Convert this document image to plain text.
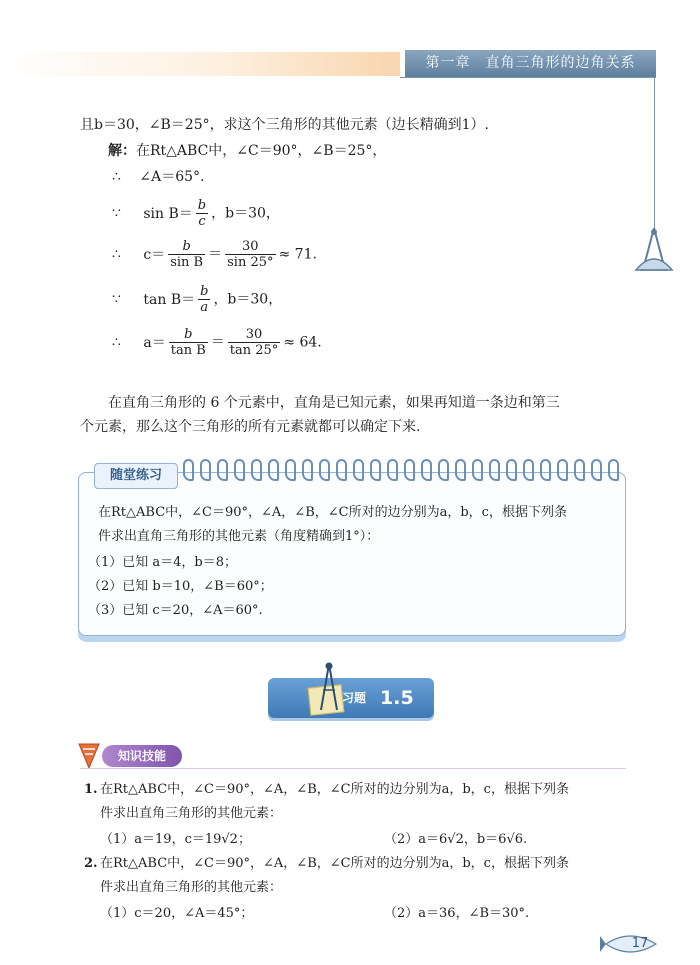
第一章　直角三角形的边角关系
且b＝30，∠B＝25°，求这个三角形的其他元素（边长精确到1）.
解：在Rt△ABC中，∠C＝90°，∠B＝25°，
∴ ∠A＝65°.
∵ $\sin B= \frac{b}{c}$ ，b＝30，
∴ $c= \frac{b}{\text{sin B}} = \frac{30}{\sin 25^\circ} \approx 71$.
∵ $\tan B= \frac{b}{a}$ ，b＝30，
∴ $a= \frac{b}{\text{tan B}} = \frac{30}{\tan 25^\circ} \approx 64$.
在直角三角形的 6 个元素中，直角是已知元素，如果再知道一条边和第三
个元素，那么这个三角形的所有元素就都可以确定下来.
随堂练习
在Rt△ABC中，∠C＝90°，∠A，∠B，∠C所对的边分别为a，b，c，根据下列条
件求出直角三角形的其他元素（角度精确到1°）：
（1）已知 a＝4，b＝8；
（2）已知 b＝10，∠B＝60°；
（3）已知 c＝20，∠A＝60°.
习题 1.5
知识技能
1. 在Rt△ABC中，∠C＝90°，∠A，∠B，∠C所对的边分别为a，b，c，根据下列条
件求出直角三角形的其他元素：
（1）a＝19，c＝19√2；	（2）a＝6√2，b＝6√6.
2. 在Rt△ABC中，∠C＝90°，∠A，∠B，∠C所对的边分别为a，b，c，根据下列条
件求出直角三角形的其他元素：
（1）c＝20，∠A＝45°；	（2）a＝36，∠B＝30°.
17
